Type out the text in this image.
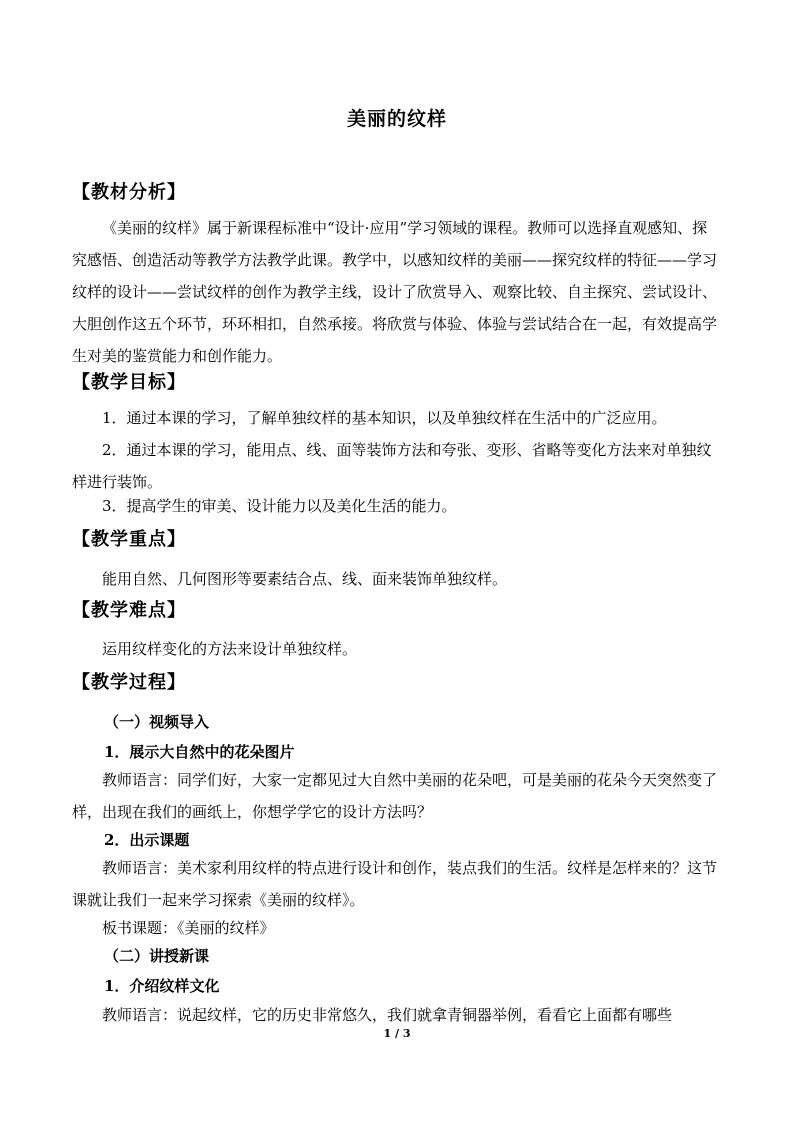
美丽的纹样
【教材分析】
《美丽的纹样》属于新课程标准中“设计·应用”学习领域的课程。教师可以选择直观感知、探究感悟、创造活动等教学方法教学此课。教学中，以感知纹样的美丽——探究纹样的特征——学习纹样的设计——尝试纹样的创作为教学主线，设计了欣赏导入、观察比较、自主探究、尝试设计、大胆创作这五个环节，环环相扣，自然承接。将欣赏与体验、体验与尝试结合在一起，有效提高学生对美的鉴赏能力和创作能力。
【教学目标】
1．通过本课的学习，了解单独纹样的基本知识，以及单独纹样在生活中的广泛应用。
2．通过本课的学习，能用点、线、面等装饰方法和夸张、变形、省略等变化方法来对单独纹样进行装饰。
3．提高学生的审美、设计能力以及美化生活的能力。
【教学重点】
能用自然、几何图形等要素结合点、线、面来装饰单独纹样。
【教学难点】
运用纹样变化的方法来设计单独纹样。
【教学过程】
（一）视频导入
1．展示大自然中的花朵图片
教师语言：同学们好，大家一定都见过大自然中美丽的花朵吧，可是美丽的花朵今天突然变了样，出现在我们的画纸上，你想学学它的设计方法吗？
2．出示课题
教师语言：美术家利用纹样的特点进行设计和创作，装点我们的生活。纹样是怎样来的？这节课就让我们一起来学习探索《美丽的纹样》。
板书课题：《美丽的纹样》
（二）讲授新课
1．介绍纹样文化
教师语言：说起纹样，它的历史非常悠久，我们就拿青铜器举例，看看它上面都有哪些
1 / 3
